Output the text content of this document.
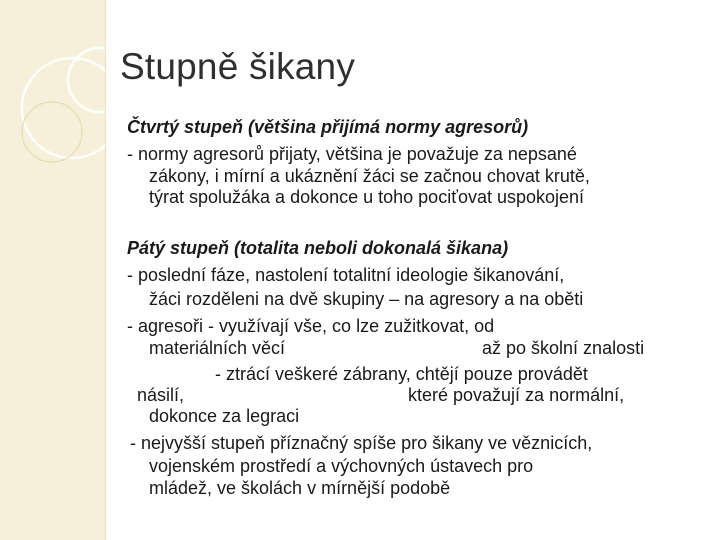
Stupně šikany
Čtvrtý stupeň (většina přijímá normy agresorů)
- normy agresorů přijaty, většina je považuje za nepsané
zákony, i mírní a ukáznění žáci se začnou chovat krutě,
týrat spolužáka a dokonce u toho pociťovat uspokojení
Pátý stupeň (totalita neboli dokonalá šikana)
- poslední fáze, nastolení totalitní ideologie šikanování,
žáci rozděleni na dvě skupiny – na agresory a na oběti
- agresoři - využívají vše, co lze zužitkovat, od
materiálních věcí	až po školní znalosti
- ztrácí veškeré zábrany, chtějí pouze provádět
násilí,	které považují za normální,
dokonce za legraci
- nejvyšší stupeň příznačný spíše pro šikany ve věznicích,
vojenském prostředí a výchovných ústavech pro
mládež, ve školách v mírnější podobě
